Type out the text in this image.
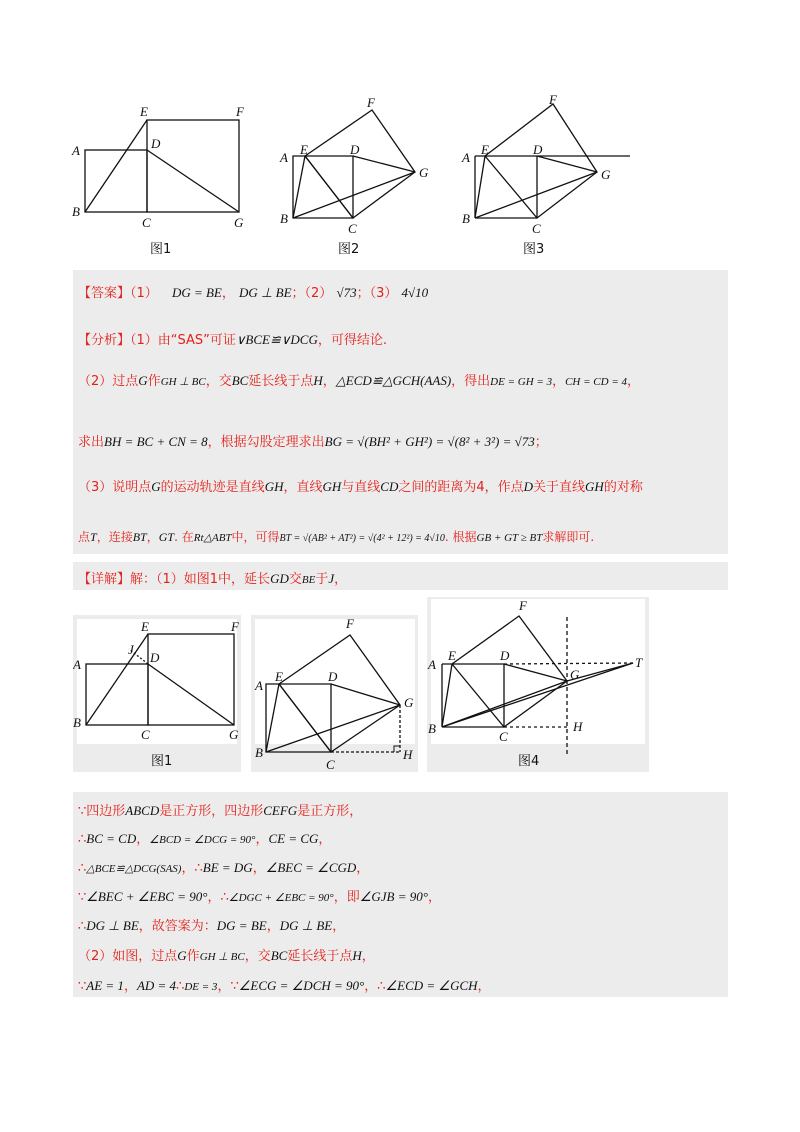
E	F
A	D
B
C	G
图1
F
A
E	D
G
B
C
图2
F
A
E	D
G
B
C
图3
【答案】（1） DG = BE， DG ⊥ BE；（2） √73；（3） 4√10
【分析】（1）由“SAS”可证∨BCE≌∨DCG，可得结论.
（2）过点G作GH ⊥ BC，交BC延长线于点H，△ECD≌△GCH(AAS)，得出DE = GH = 3，CH = CD = 4，
求出BH = BC + CN = 8，根据勾股定理求出BG = √(BH² + GH²) = √(8² + 3²) = √73；
（3）说明点G的运动轨迹是直线GH，直线GH与直线CD之间的距离为4，作点D关于直线GH的对称
点T，连接BT，GT. 在Rt△ABT中，可得BT = √(AB² + AT²) = √(4² + 12²) = 4√10. 根据GB + GT ≥ BT求解即可.
【详解】解：（1）如图1中，延长GD交BE于J，
E	F
A
J
D
B
C	G
图1
F
A
E	D
G
B
C
H
F
A
E	D
G
T
B
C
H
图4
∵四边形ABCD是正方形，四边形CEFG是正方形，
∴BC = CD，∠BCD = ∠DCG = 90°，CE = CG，
∴△BCE≌△DCG(SAS)，∴BE = DG，∠BEC = ∠CGD，
∵∠BEC + ∠EBC = 90°，∴∠DGC + ∠EBC = 90°，即∠GJB = 90°，
∴DG ⊥ BE，故答案为：DG = BE，DG ⊥ BE，
（2）如图，过点G作GH ⊥ BC，交BC延长线于点H，
∵AE = 1，AD = 4∴DE = 3，∵∠ECG = ∠DCH = 90°，∴∠ECD = ∠GCH，
